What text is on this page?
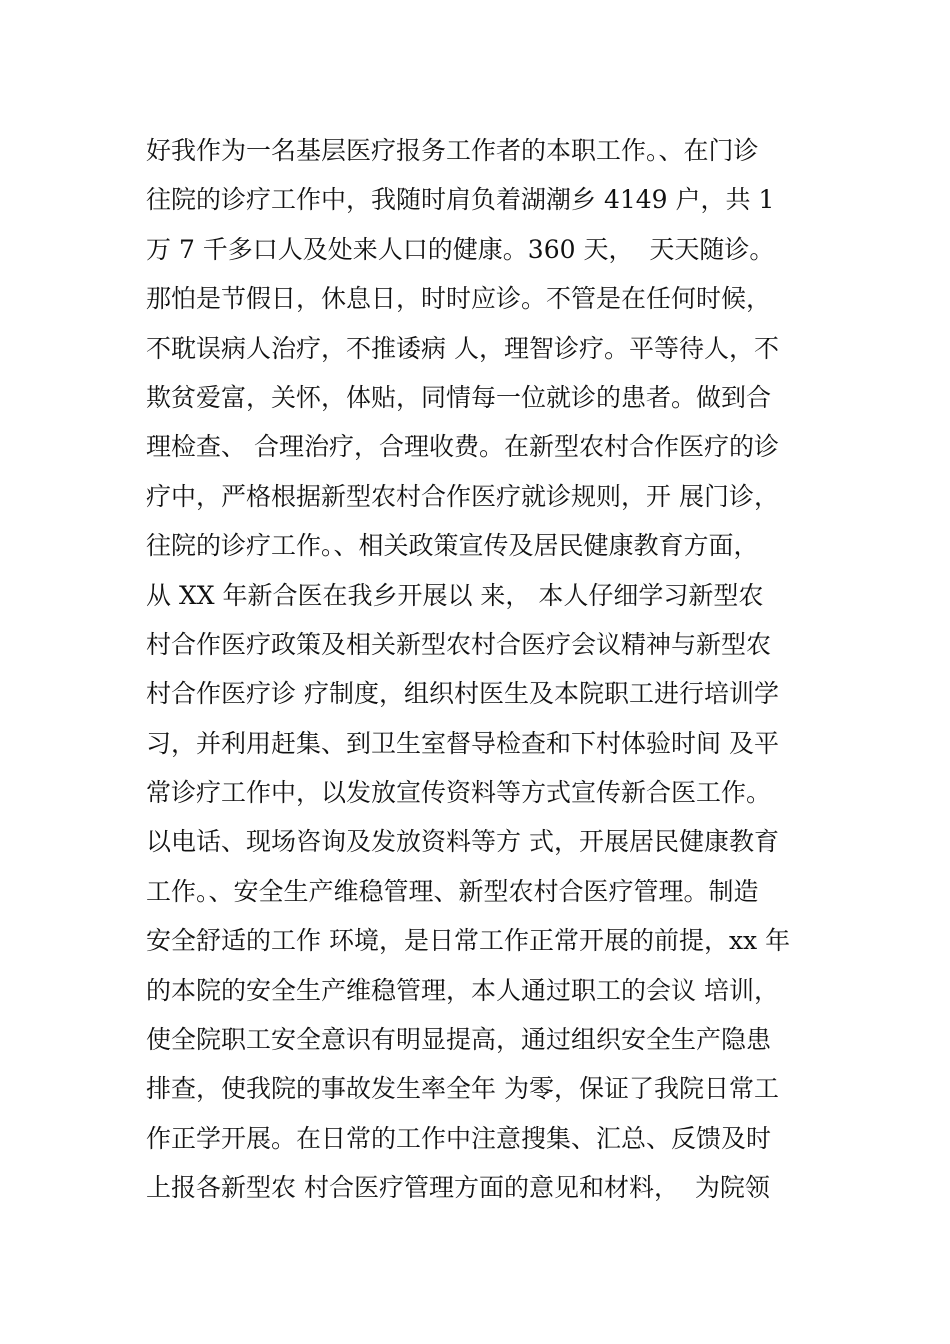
好我作为一名基层医疗报务工作者的本职工作。、在门诊
往院的诊疗工作中，我随时肩负着湖潮乡 4149 户，共 1
万 7 千多口人及处来人口的健康。360 天，  天天随诊。
那怕是节假日，休息日，时时应诊。不管是在任何时候，
不耽误病人治疗，不推诿病 人，理智诊疗。平等待人，不
欺贫爱富，关怀，体贴，同情每一位就诊的患者。做到合
理检查、 合理治疗，合理收费。在新型农村合作医疗的诊
疗中，严格根据新型农村合作医疗就诊规则，开 展门诊，
往院的诊疗工作。、相关政策宣传及居民健康教育方面，
从 XX 年新合医在我乡开展以 来， 本人仔细学习新型农
村合作医疗政策及相关新型农村合医疗会议精神与新型农
村合作医疗诊 疗制度，组织村医生及本院职工进行培训学
习，并利用赶集、到卫生室督导检查和下村体验时间 及平
常诊疗工作中，以发放宣传资料等方式宣传新合医工作。
以电话、现场咨询及发放资料等方 式，开展居民健康教育
工作。、安全生产维稳管理、新型农村合医疗管理。制造
安全舒适的工作 环境，是日常工作正常开展的前提，xx 年
的本院的安全生产维稳管理，本人通过职工的会议 培训，
使全院职工安全意识有明显提高，通过组织安全生产隐患
排查，使我院的事故发生率全年 为零，保证了我院日常工
作正学开展。在日常的工作中注意搜集、汇总、反馈及时
上报各新型农 村合医疗管理方面的意见和材料，  为院领
